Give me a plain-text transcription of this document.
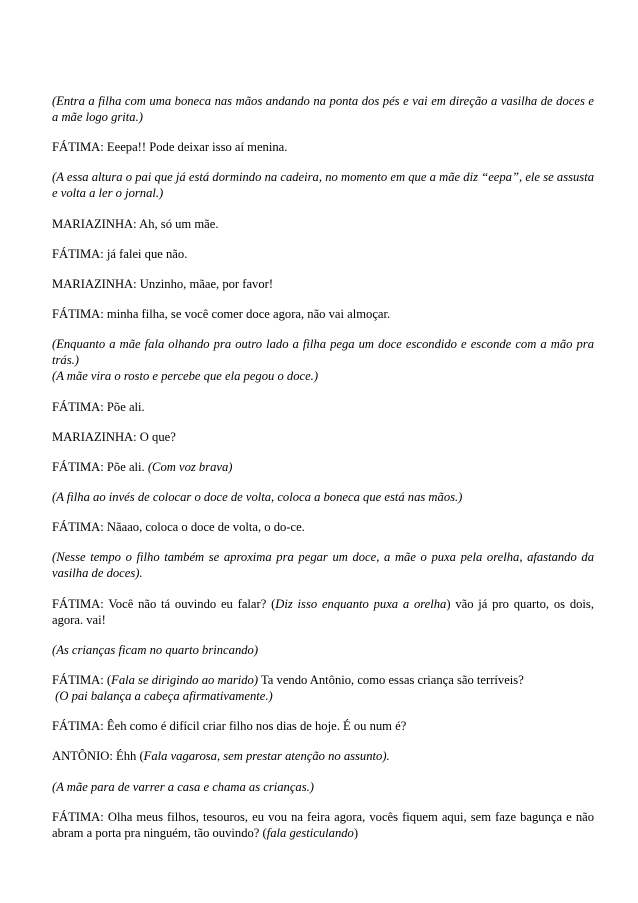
(Entra a filha com uma boneca nas mãos andando na ponta dos pés e vai em direção a vasilha de doces e a mãe logo grita.)

FÁTIMA: Eeepa!! Pode deixar isso aí menina.

(A essa altura o pai que já está dormindo na cadeira, no momento em que a mãe diz “eepa”, ele se assusta e volta a ler o jornal.)

MARIAZINHA: Ah, só um mãe.

FÁTIMA: já falei que não.

MARIAZINHA: Unzinho, mãae, por favor!

FÁTIMA: minha filha, se você comer doce agora, não vai almoçar.

(Enquanto a mãe fala olhando pra outro lado a filha pega um doce escondido e esconde com a mão pra trás.)
(A mãe vira o rosto e percebe que ela pegou o doce.)

FÁTIMA: Põe ali.

MARIAZINHA: O que?

FÁTIMA: Põe ali. (Com voz brava)

(A filha ao invés de colocar o doce de volta, coloca a boneca que está nas mãos.)

FÁTIMA: Nãaao, coloca o doce de volta, o do-ce.

(Nesse tempo o filho também se aproxima pra pegar um doce, a mãe o puxa pela orelha, afastando da vasilha de doces).

FÁTIMA: Você não tá ouvindo eu falar? (Diz isso enquanto puxa a orelha) vão já pro quarto, os dois, agora. vai!

(As crianças ficam no quarto brincando)

FÁTIMA: (Fala se dirigindo ao marido) Ta vendo Antônio, como essas criança são terríveis?
(O pai balança a cabeça afirmativamente.)

FÁTIMA: Êeh como é difícil criar filho nos dias de hoje. É ou num é?

ANTÔNIO: Éhh (Fala vagarosa, sem prestar atenção no assunto).

(A mãe para de varrer a casa e chama as crianças.)

FÁTIMA: Olha meus filhos, tesouros, eu vou na feira agora, vocês fiquem aqui, sem faze bagunça e não abram a porta pra ninguém, tão ouvindo? (fala gesticulando)
